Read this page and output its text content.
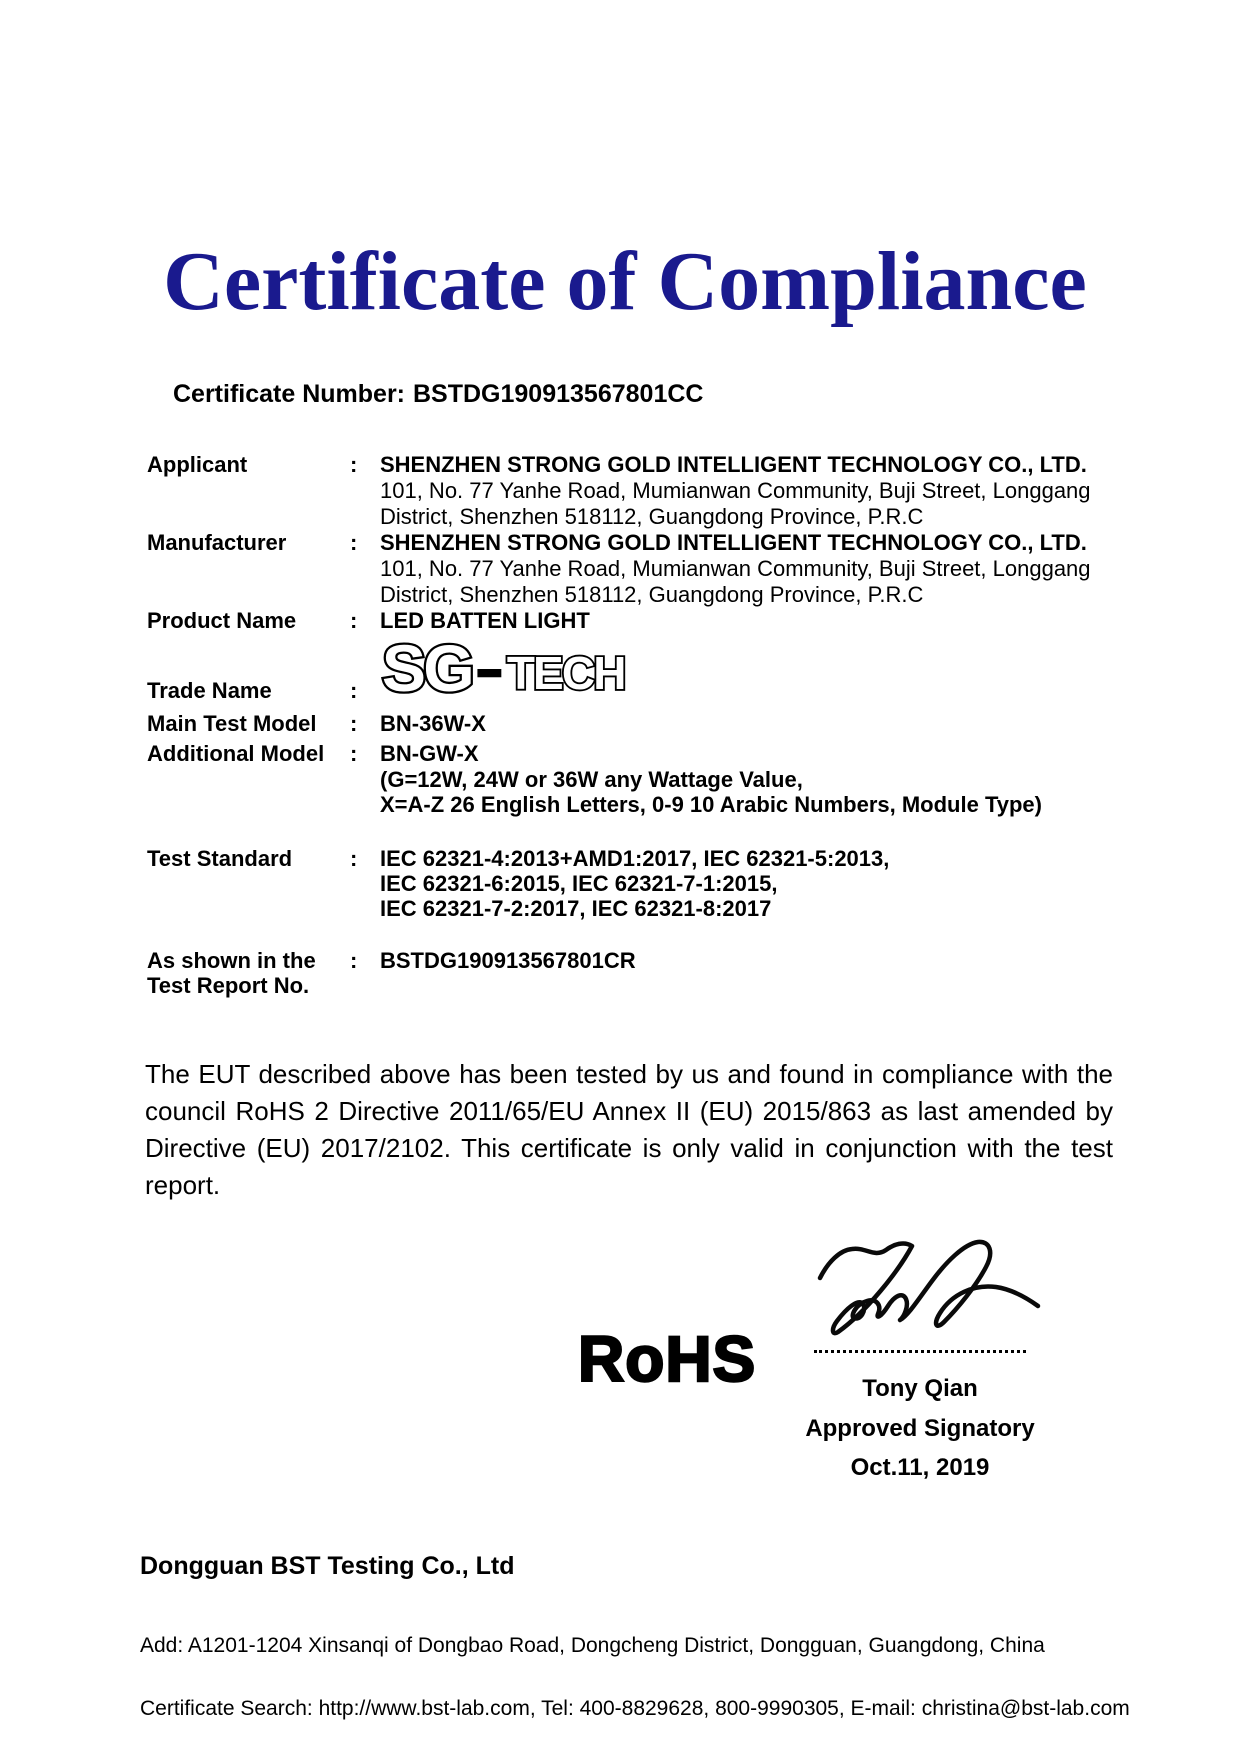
Certificate of Compliance
Certificate Number: BSTDG190913567801CC
Applicant	:	SHENZHEN STRONG GOLD INTELLIGENT TECHNOLOGY CO., LTD.
101, No. 77 Yanhe Road, Mumianwan Community, Buji Street, Longgang
District, Shenzhen 518112, Guangdong Province, P.R.C
Manufacturer	:	SHENZHEN STRONG GOLD INTELLIGENT TECHNOLOGY CO., LTD.
101, No. 77 Yanhe Road, Mumianwan Community, Buji Street, Longgang
District, Shenzhen 518112, Guangdong Province, P.R.C
Product Name	:	LED BATTEN LIGHT
Trade Name	: SG TECH
Main Test Model	:	BN-36W-X
Additional Model	:	BN-GW-X
(G=12W, 24W or 36W any Wattage Value,
X=A-Z 26 English Letters, 0-9 10 Arabic Numbers, Module Type)
Test Standard	:	IEC 62321-4:2013+AMD1:2017, IEC 62321-5:2013,
IEC 62321-6:2015, IEC 62321-7-1:2015,
IEC 62321-7-2:2017, IEC 62321-8:2017
As shown in the
Test Report No.
:	BSTDG190913567801CR

The EUT described above has been tested by us and found in compliance with the council RoHS 2 Directive 2011/65/EU Annex II (EU) 2015/863 as last amended by Directive (EU) 2017/2102. This certificate is only valid in conjunction with the test report.

RoHS	Tony Qian
Approved Signatory
Oct.11, 2019
Dongguan BST Testing Co., Ltd
Add: A1201-1204 Xinsanqi of Dongbao Road, Dongcheng District, Dongguan, Guangdong, China
Certificate Search: http://www.bst-lab.com, Tel: 400-8829628, 800-9990305, E-mail: christina@bst-lab.com
